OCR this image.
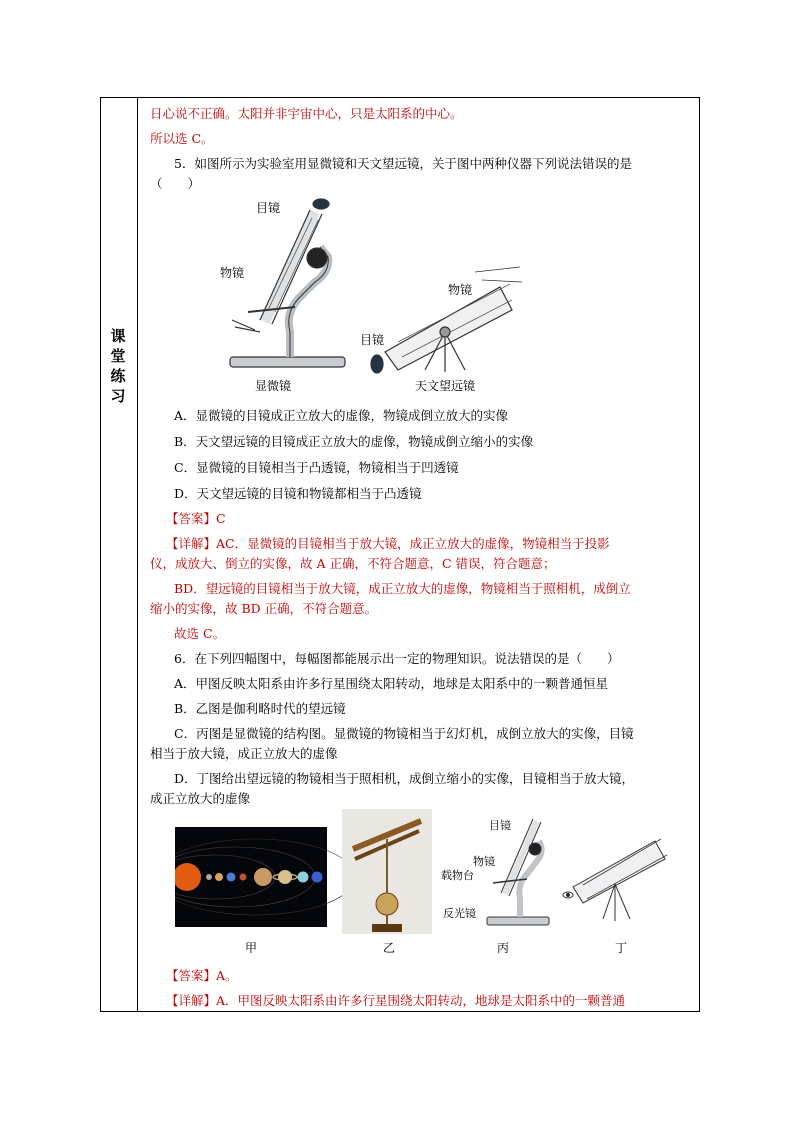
课
堂
练
习
日心说不正确。太阳并非宇宙中心，只是太阳系的中心。
所以选 C。
5．如图所示为实验室用显微镜和天文望远镜，关于图中两种仪器下列说法错误的是
（　　）
目镜
物镜
显微镜
物镜
目镜
天文望远镜
A．显微镜的目镜成正立放大的虚像，物镜成倒立放大的实像
B．天文望远镜的目镜成正立放大的虚像，物镜成倒立缩小的实像
C．显微镜的目镜相当于凸透镜，物镜相当于凹透镜
D．天文望远镜的目镜和物镜都相当于凸透镜
【答案】C
【详解】AC．显微镜的目镜相当于放大镜，成正立放大的虚像，物镜相当于投影
仪，成放大、倒立的实像，故 A 正确，不符合题意，C 错误，符合题意；
BD．望远镜的目镜相当于放大镜，成正立放大的虚像，物镜相当于照相机，成倒立
缩小的实像，故 BD 正确，不符合题意。
故选 C。
6．在下列四幅图中，每幅图都能展示出一定的物理知识。说法错误的是（　　）
A．甲图反映太阳系由许多行星围绕太阳转动，地球是太阳系中的一颗普通恒星
B．乙图是伽利略时代的望远镜
C．丙图是显微镜的结构图。显微镜的物镜相当于幻灯机，成倒立放大的实像，目镜
相当于放大镜，成正立放大的虚像
D．丁图给出望远镜的物镜相当于照相机，成倒立缩小的实像，目镜相当于放大镜，
成正立放大的虚像
甲	乙
目镜
物镜
载物台
反光镜
丙	丁
【答案】A。
【详解】A．甲图反映太阳系由许多行星围绕太阳转动，地球是太阳系中的一颗普通
